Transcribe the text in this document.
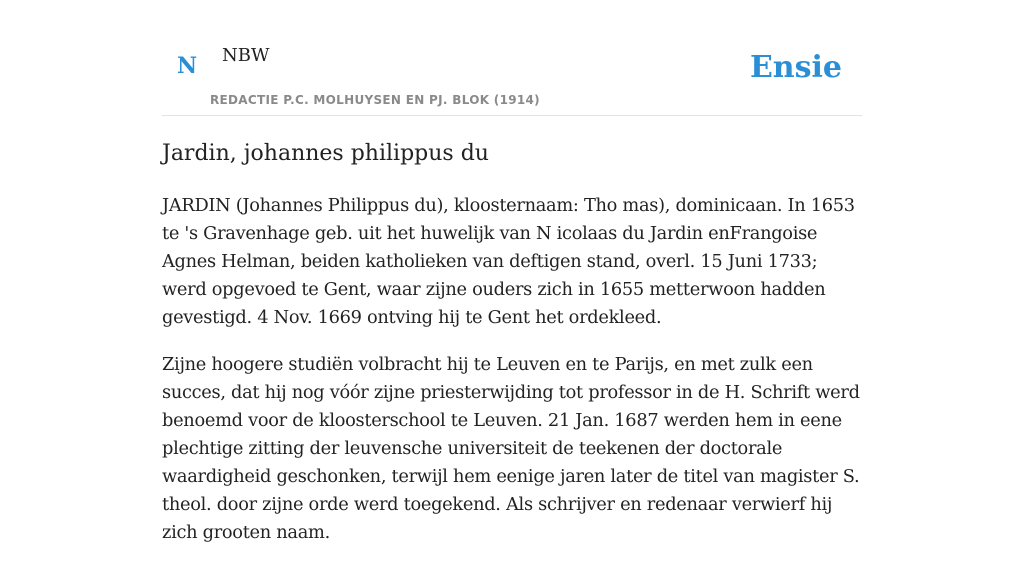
N NBW
REDACTIE P.C. MOLHUYSEN EN PJ. BLOK (1914)
Ensie
Jardin, johannes philippus du

JARDIN (Johannes Philippus du), kloosternaam: Tho mas), dominicaan. In 1653 te 's Gravenhage geb. uit het huwelijk van N icolaas du Jardin enFrangoise Agnes Helman, beiden katholieken van deftigen stand, overl. 15 Juni 1733; werd opgevoed te Gent, waar zijne ouders zich in 1655 metterwoon hadden gevestigd. 4 Nov. 1669 ontving hij te Gent het ordekleed.

Zijne hoogere studiën volbracht hij te Leuven en te Parijs, en met zulk een succes, dat hij nog vóór zijne priesterwijding tot professor in de H. Schrift werd benoemd voor de kloosterschool te Leuven. 21 Jan. 1687 werden hem in eene plechtige zitting der leuvensche universiteit de teekenen der doctorale waardigheid geschonken, terwijl hem eenige jaren later de titel van magister S. theol. door zijne orde werd toegekend. Als schrijver en redenaar verwierf hij zich grooten naam.
